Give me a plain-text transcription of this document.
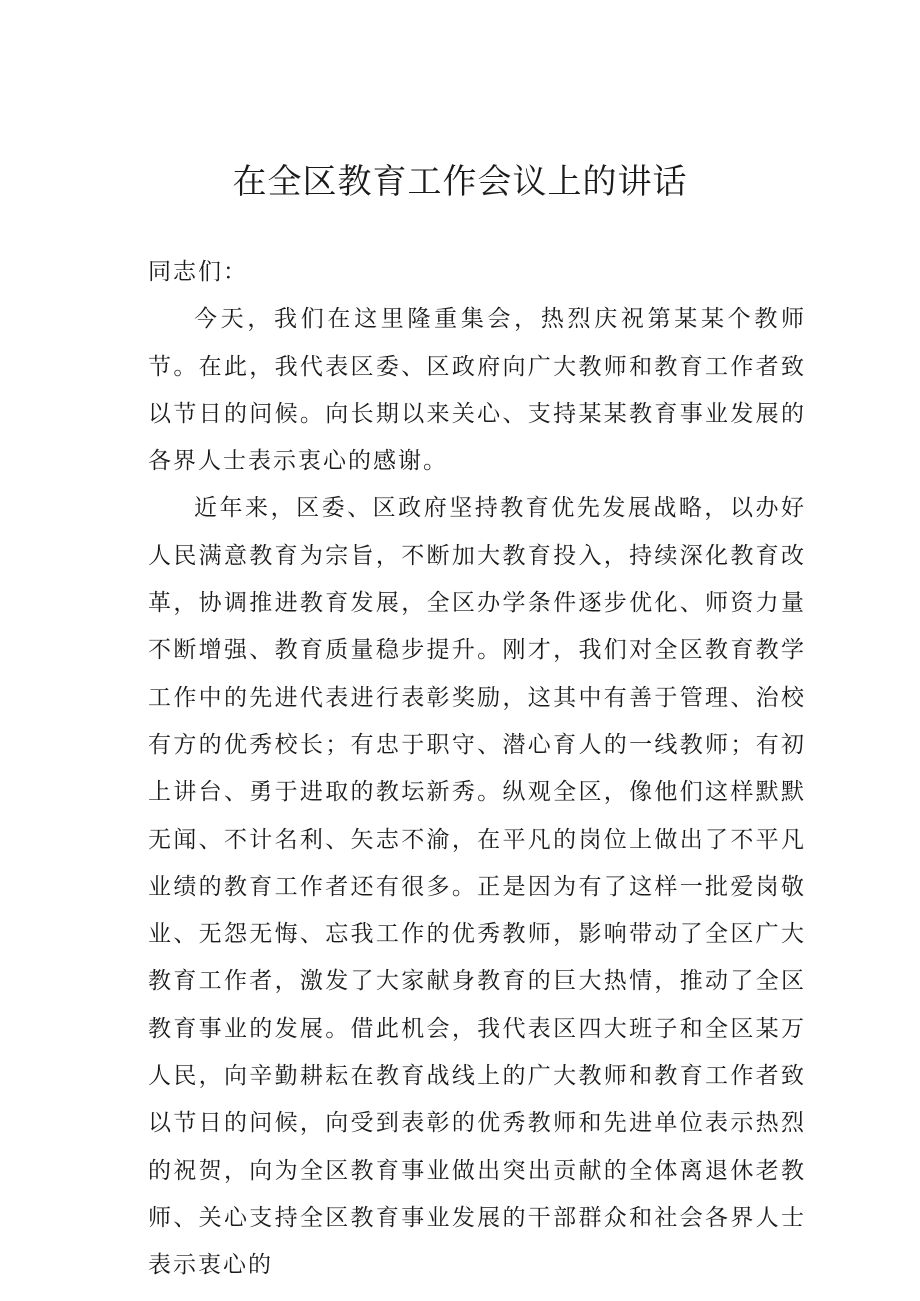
在全区教育工作会议上的讲话

同志们：

今天，我们在这里隆重集会，热烈庆祝第某某个教师节。在此，我代表区委、区政府向广大教师和教育工作者致以节日的问候。向长期以来关心、支持某某教育事业发展的各界人士表示衷心的感谢。

近年来，区委、区政府坚持教育优先发展战略，以办好人民满意教育为宗旨，不断加大教育投入，持续深化教育改革，协调推进教育发展，全区办学条件逐步优化、师资力量不断增强、教育质量稳步提升。刚才，我们对全区教育教学工作中的先进代表进行表彰奖励，这其中有善于管理、治校有方的优秀校长；有忠于职守、潜心育人的一线教师；有初上讲台、勇于进取的教坛新秀。纵观全区，像他们这样默默无闻、不计名利、矢志不渝，在平凡的岗位上做出了不平凡业绩的教育工作者还有很多。正是因为有了这样一批爱岗敬业、无怨无悔、忘我工作的优秀教师，影响带动了全区广大教育工作者，激发了大家献身教育的巨大热情，推动了全区教育事业的发展。借此机会，我代表区四大班子和全区某万人民，向辛勤耕耘在教育战线上的广大教师和教育工作者致以节日的问候，向受到表彰的优秀教师和先进单位表示热烈的祝贺，向为全区教育事业做出突出贡献的全体离退休老教师、关心支持全区教育事业发展的干部群众和社会各界人士表示衷心的
